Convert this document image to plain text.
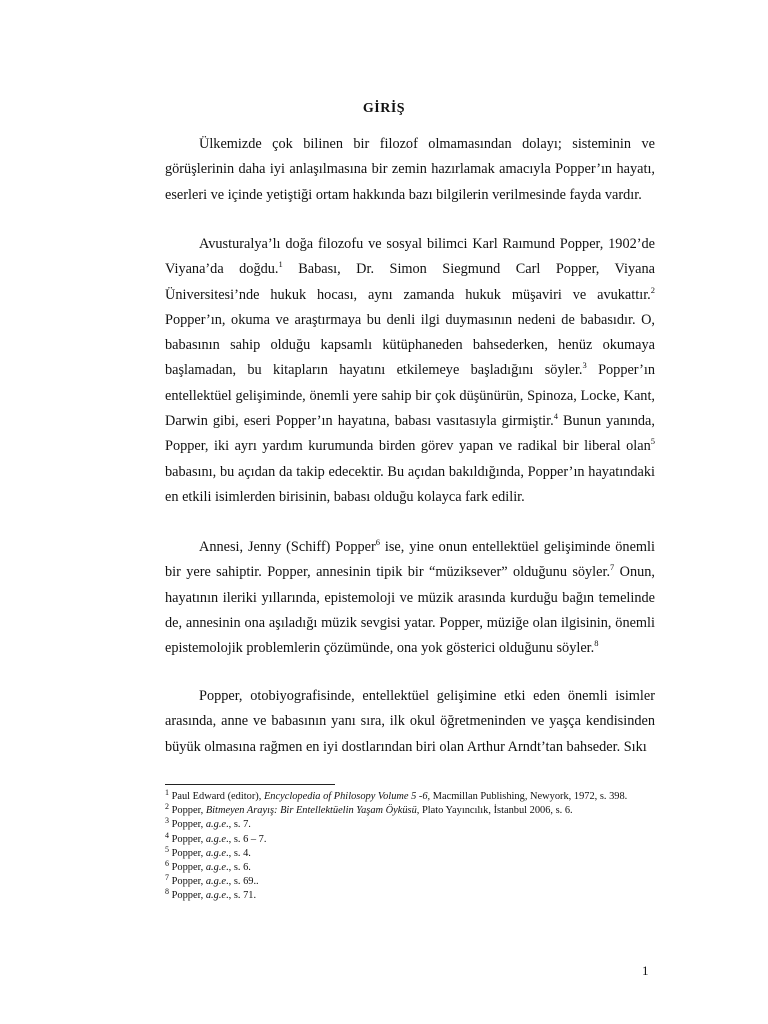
GİRİŞ

Ülkemizde çok bilinen bir filozof olmamasından dolayı; sisteminin ve görüşlerinin daha iyi anlaşılmasına bir zemin hazırlamak amacıyla Popper’ın hayatı, eserleri ve içinde yetiştiği ortam hakkında bazı bilgilerin verilmesinde fayda vardır.

Avusturalya’lı doğa filozofu ve sosyal bilimci Karl Raımund Popper, 1902’de Viyana’da doğdu.$^1$ Babası, Dr. Simon Siegmund Carl Popper, Viyana Üniversitesi’nde hukuk hocası, aynı zamanda hukuk müşaviri ve avukattır.$^2$ Popper’ın, okuma ve araştırmaya bu denli ilgi duymasının nedeni de babasıdır. O, babasının sahip olduğu kapsamlı kütüphaneden bahsederken, henüz okumaya başlamadan, bu kitapların hayatını etkilemeye başladığını söyler.$^3$ Popper’ın entellektüel gelişiminde, önemli yere sahip bir çok düşünürün, Spinoza, Locke, Kant, Darwin gibi, eseri Popper’ın hayatına, babası vasıtasıyla girmiştir.$^4$ Bunun yanında, Popper, iki ayrı yardım kurumunda birden görev yapan ve radikal bir liberal olan$^5$ babasını, bu açıdan da takip edecektir. Bu açıdan bakıldığında, Popper’ın hayatındaki en etkili isimlerden birisinin, babası olduğu kolayca fark edilir.

Annesi, Jenny (Schiff) Popper$^6$ ise, yine onun entellektüel gelişiminde önemli bir yere sahiptir. Popper, annesinin tipik bir “müziksever” olduğunu söyler.$^7$ Onun, hayatının ileriki yıllarında, epistemoloji ve müzik arasında kurduğu bağın temelinde de, annesinin ona aşıladığı müzik sevgisi yatar. Popper, müziğe olan ilgisinin, önemli epistemolojik problemlerin çözümünde, ona yok gösterici olduğunu söyler.$^8$

Popper, otobiyografisinde, entellektüel gelişimine etki eden önemli isimler arasında, anne ve babasının yanı sıra, ilk okul öğretmeninden ve yaşça kendisinden büyük olmasına rağmen en iyi dostlarından biri olan Arthur Arndt’tan bahseder. Sıkı

$^1$ Paul Edward (editor), Encyclopedia of Philosopy Volume 5 -6, Macmillan Publishing, Newyork, 1972, s. 398.

$^2$ Popper, Bitmeyen Arayış: Bir Entellektüelin Yaşam Öyküsü, Plato Yayıncılık, İstanbul 2006, s. 6.

$^3$ Popper, a.g.e., s. 7.

$^4$ Popper, a.g.e., s. 6 – 7.

$^5$ Popper, a.g.e., s. 4.

$^6$ Popper, a.g.e., s. 6.

$^7$ Popper, a.g.e., s. 69..

$^8$ Popper, a.g.e., s. 71.

1
